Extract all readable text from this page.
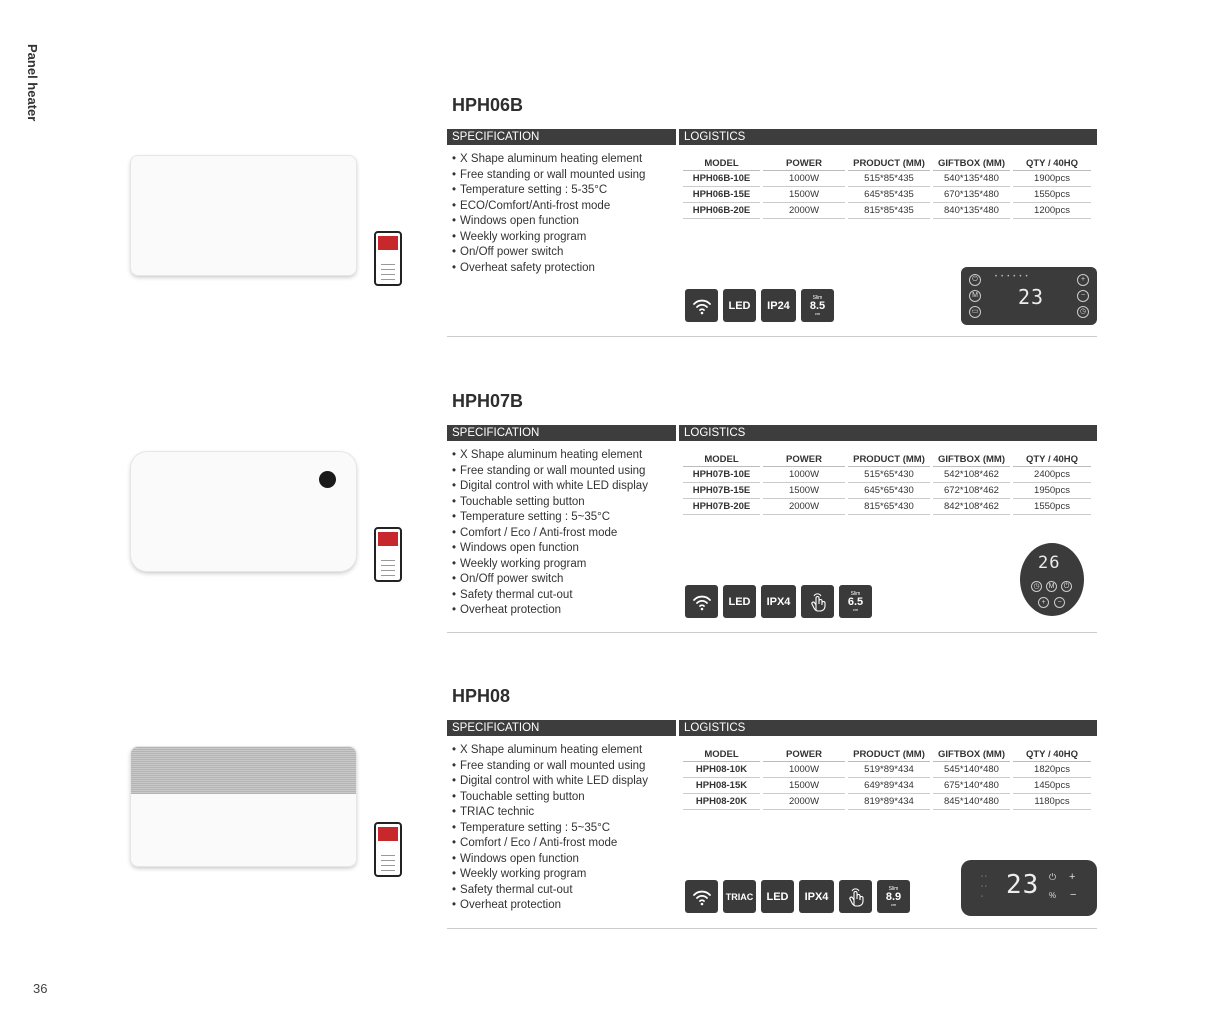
Panel heater	HPH06B
SPECIFICATION	LOGISTICS
• X Shape aluminum heating element
• Free standing or wall mounted using
• Temperature setting : 5-35°C
• ECO/Comfort/Anti-frost mode
• Windows open function
• Weekly working program
• On/Off power switch
• Overheat safety protection
MODEL		POWER		PRODUCT (MM)		GIFTBOX (MM)		QTY / 40HQ
HPH06B-10E		1000W		515*85*435		540*135*480		1900pcs
HPH06B-15E		1500W		645*85*435		670*135*480		1550pcs
HPH06B-20E		2000W		815*85*435		840*135*480		1200pcs
LED	IP24
Slim
8.5
cm
⏻
M
▭
+
−
◷
••••••
23
28
HPH07B
SPECIFICATION	LOGISTICS
• X Shape aluminum heating element
• Free standing or wall mounted using
• Digital control with white LED display
• Touchable setting button
• Temperature setting : 5~35°C
• Comfort / Eco / Anti-frost mode
• Windows open function
• Weekly working program
• On/Off power switch
• Safety thermal cut-out
• Overheat protection
MODEL		POWER		PRODUCT (MM)		GIFTBOX (MM)		QTY / 40HQ
HPH07B-10E		1000W		515*65*430		542*108*462		2400pcs
HPH07B-15E		1500W		645*65*430		672*108*462		1950pcs
HPH07B-20E		2000W		815*65*430		842*108*462		1550pcs
LED	IPX4
Slim
6.5
cm
26
◷	M	⏻
+	−
28
HPH08
SPECIFICATION	LOGISTICS
• X Shape aluminum heating element
• Free standing or wall mounted using
• Digital control with white LED display
• Touchable setting button
• TRIAC technic
• Temperature setting : 5~35°C
• Comfort / Eco / Anti-frost mode
• Windows open function
• Weekly working program
• Safety thermal cut-out
• Overheat protection
MODEL		POWER		PRODUCT (MM)		GIFTBOX (MM)		QTY / 40HQ
HPH08-10K		1000W		519*89*434		545*140*480		1820pcs
HPH08-15K		1500W		649*89*434		675*140*480		1450pcs
HPH08-20K		2000W		819*89*434		845*140*480		1180pcs
TRIAC	LED	IPX4
Slim
8.9
cm
◦ ◦
◦ ◦
◦ 23 ⏻ +
% −
28
36
